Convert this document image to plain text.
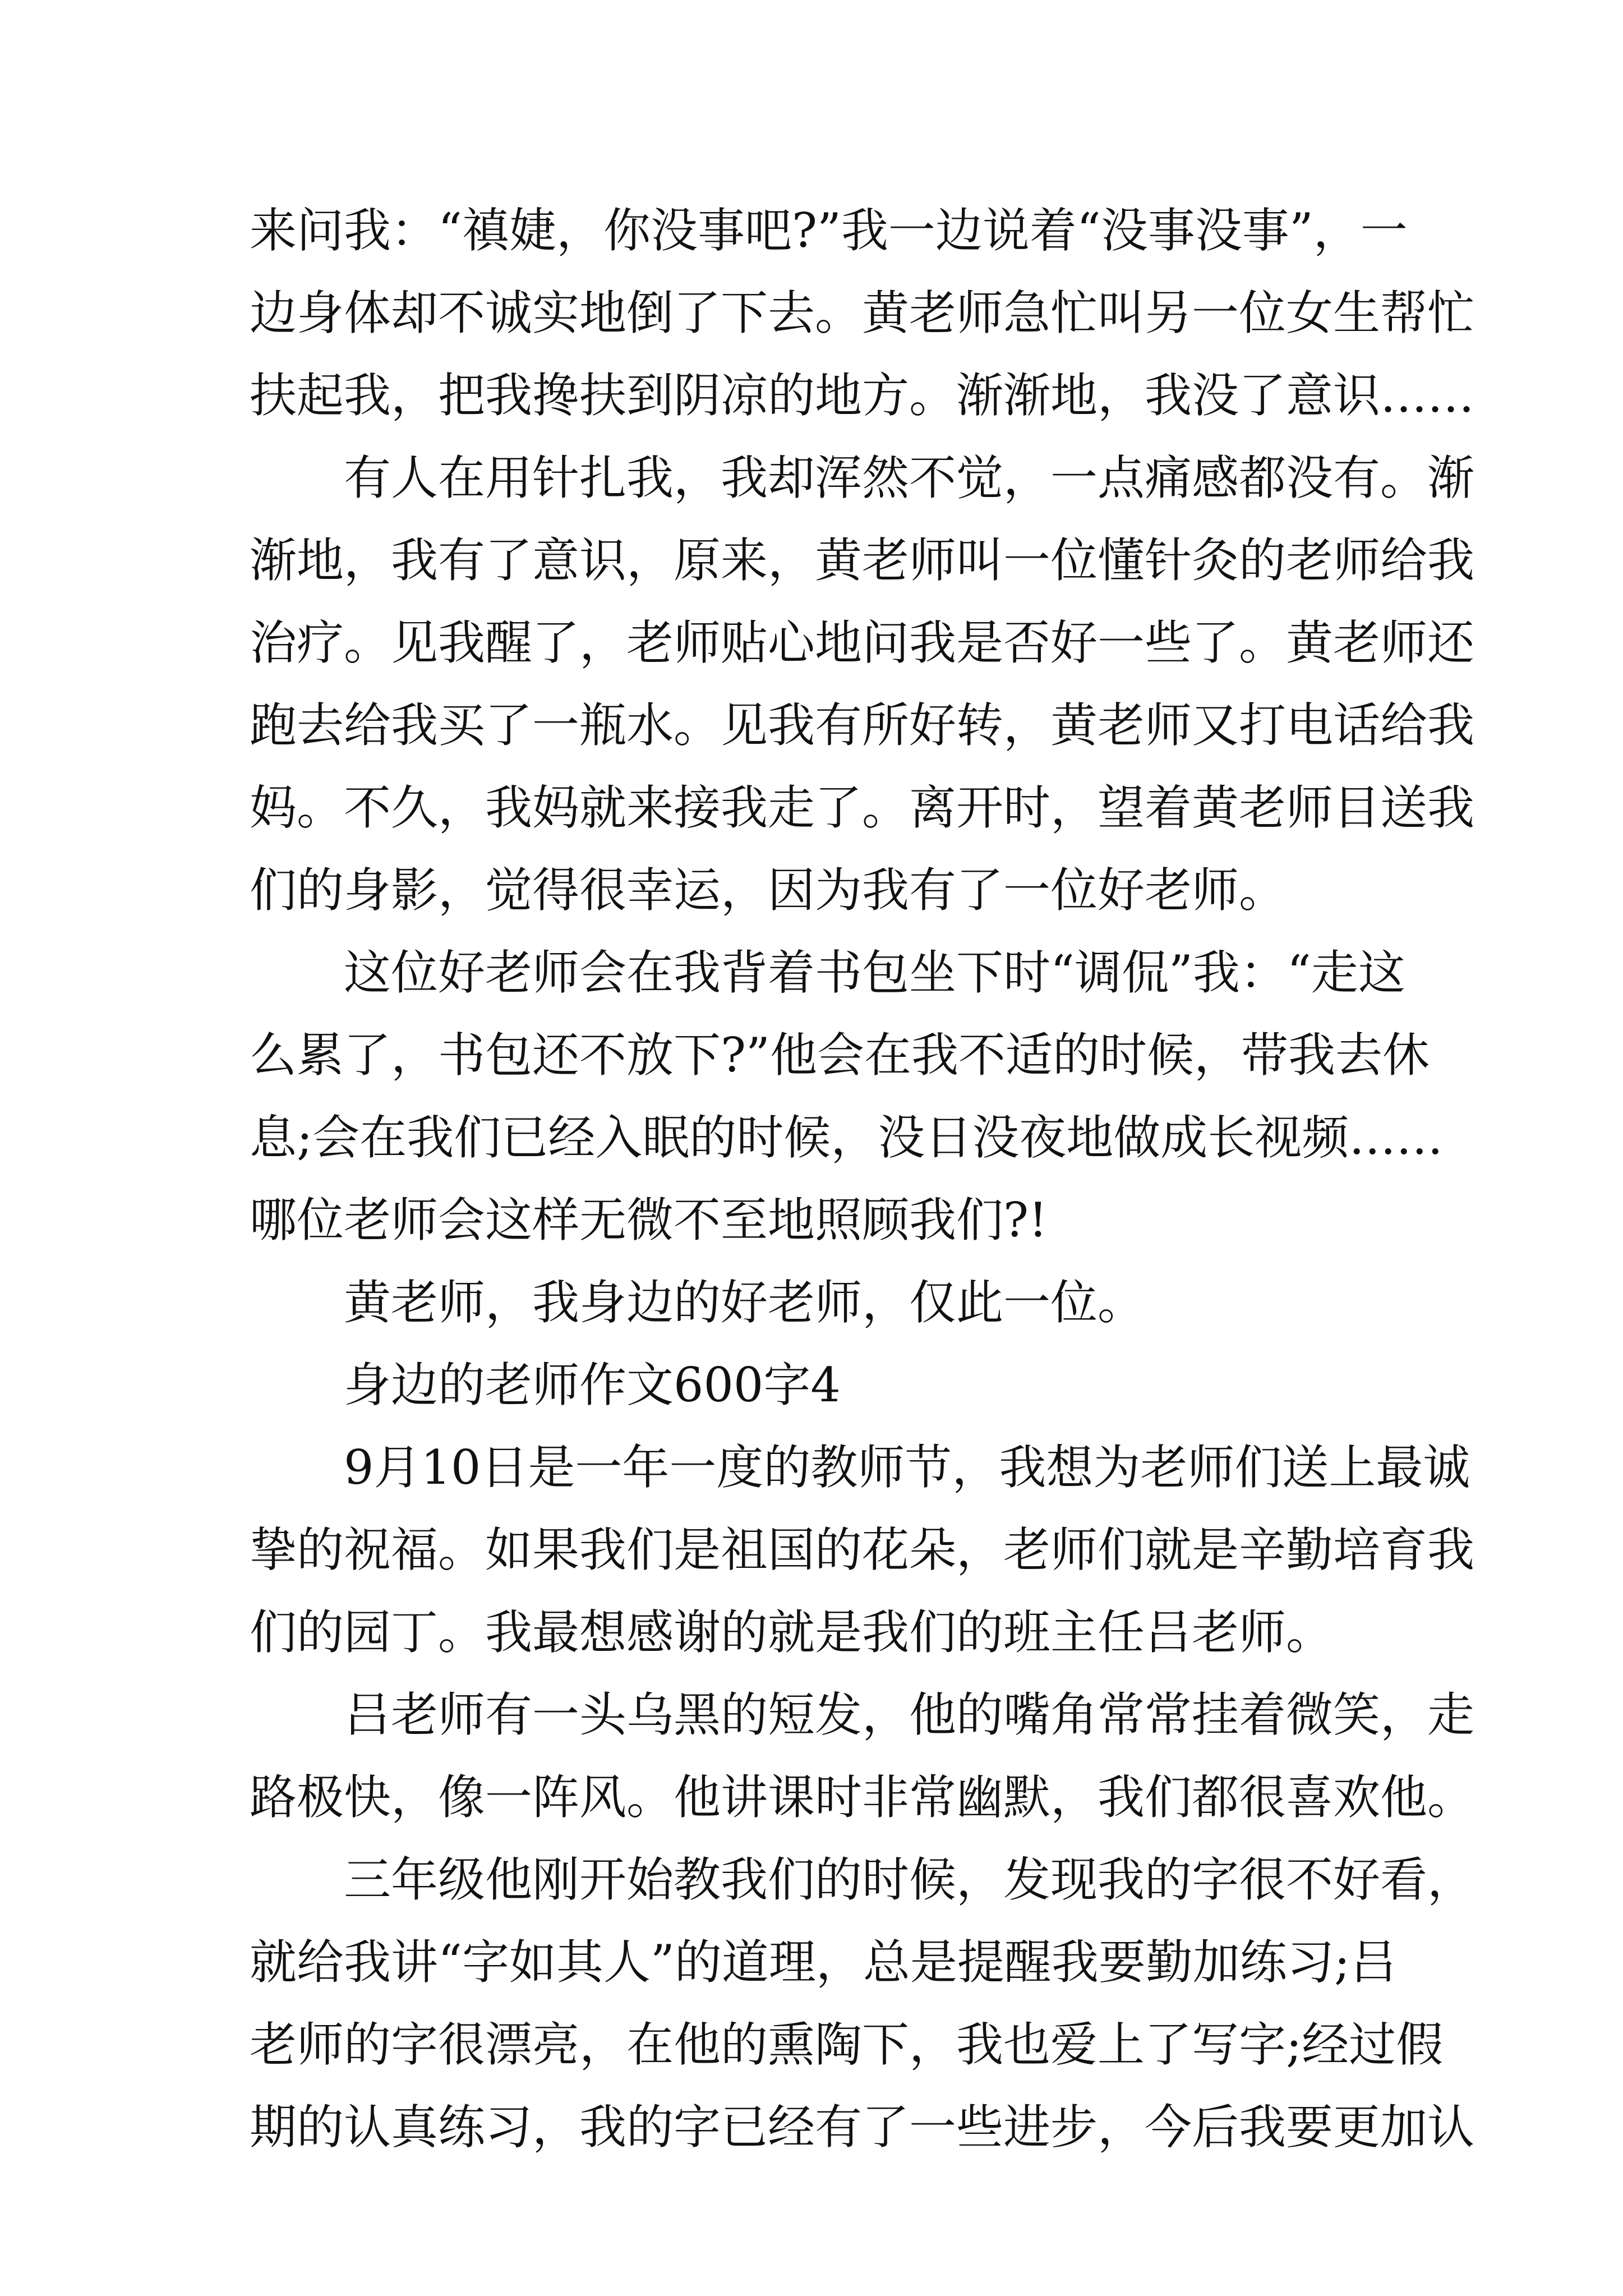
来问我：“禛婕，你没事吧?”我一边说着“没事没事”，一
边身体却不诚实地倒了下去。黄老师急忙叫另一位女生帮忙
扶起我，把我搀扶到阴凉的地方。渐渐地，我没了意识……
有人在用针扎我，我却浑然不觉，一点痛感都没有。渐
渐地，我有了意识，原来，黄老师叫一位懂针灸的老师给我
治疗。见我醒了，老师贴心地问我是否好一些了。黄老师还
跑去给我买了一瓶水。见我有所好转，黄老师又打电话给我
妈。不久，我妈就来接我走了。离开时，望着黄老师目送我
们的身影，觉得很幸运，因为我有了一位好老师。
这位好老师会在我背着书包坐下时“调侃”我：“走这
么累了，书包还不放下?”他会在我不适的时候，带我去休
息;会在我们已经入眠的时候，没日没夜地做成长视频……
哪位老师会这样无微不至地照顾我们?!
黄老师，我身边的好老师，仅此一位。
身边的老师作文600字4
9月10日是一年一度的教师节，我想为老师们送上最诚
挚的祝福。如果我们是祖国的花朵，老师们就是辛勤培育我
们的园丁。我最想感谢的就是我们的班主任吕老师。
吕老师有一头乌黑的短发，他的嘴角常常挂着微笑，走
路极快，像一阵风。他讲课时非常幽默，我们都很喜欢他。
三年级他刚开始教我们的时候，发现我的字很不好看，
就给我讲“字如其人”的道理，总是提醒我要勤加练习;吕
老师的字很漂亮，在他的熏陶下，我也爱上了写字;经过假
期的认真练习，我的字已经有了一些进步，今后我要更加认
